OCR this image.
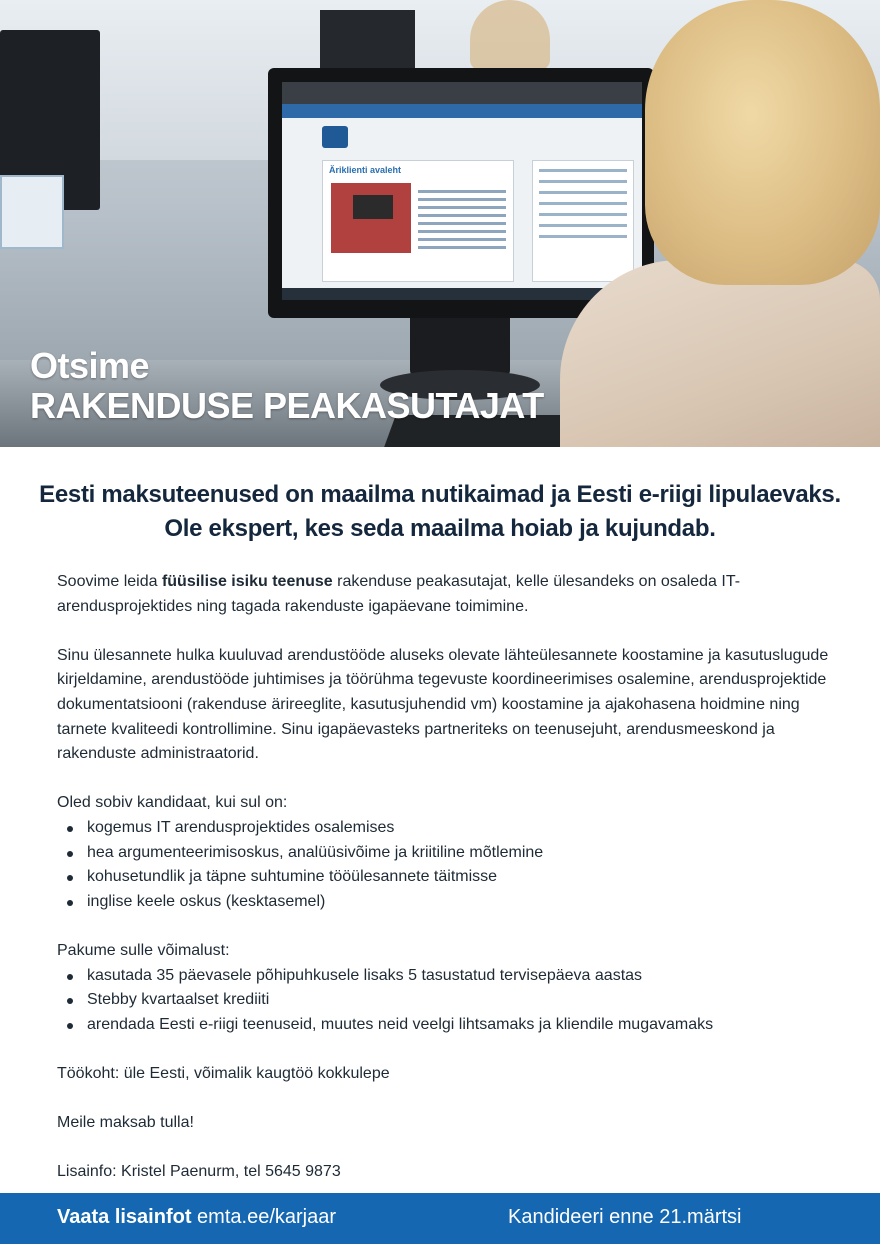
Äriklienti avaleht
Otsime
RAKENDUSE PEAKASUTAJAT
Eesti maksuteenused on maailma nutikaimad ja Eesti e-riigi lipulaevaks.
Ole ekspert, kes seda maailma hoiab ja kujundab.

Soovime leida füüsilise isiku teenuse rakenduse peakasutajat, kelle ülesandeks on osaleda IT-arendusprojektides ning tagada rakenduste igapäevane toimimine.

Sinu ülesannete hulka kuuluvad arendustööde aluseks olevate lähteülesannete koostamine ja kasutuslugude kirjeldamine, arendustööde juhtimises ja töörühma tegevuste koordineerimises osalemine, arendusprojektide dokumentatsiooni (rakenduse ärireeglite, kasutusjuhendid vm) koostamine ja ajakohasena hoidmine ning tarnete kvaliteedi kontrollimine. Sinu igapäevasteks partneriteks on teenusejuht, arendusmeeskond ja rakenduste administraatorid.

Oled sobiv kandidaat, kui sul on:

kogemus IT arendusprojektides osalemises
hea argumenteerimisoskus, analüüsivõime ja kriitiline mõtlemine
kohusetundlik ja täpne suhtumine tööülesannete täitmisse
inglise keele oskus (kesktasemel)

Pakume sulle võimalust:

kasutada 35 päevasele põhipuhkusele lisaks 5 tasustatud tervisepäeva aastas
Stebby kvartaalset krediiti
arendada Eesti e-riigi teenuseid, muutes neid veelgi lihtsamaks ja kliendile mugavamaks

Töökoht: üle Eesti, võimalik kaugtöö kokkulepe

Meile maksab tulla!

Lisainfo: Kristel Paenurm, tel 5645 9873

Vaata lisainfot emta.ee/karjaar	Kandideeri enne 21.märtsi
